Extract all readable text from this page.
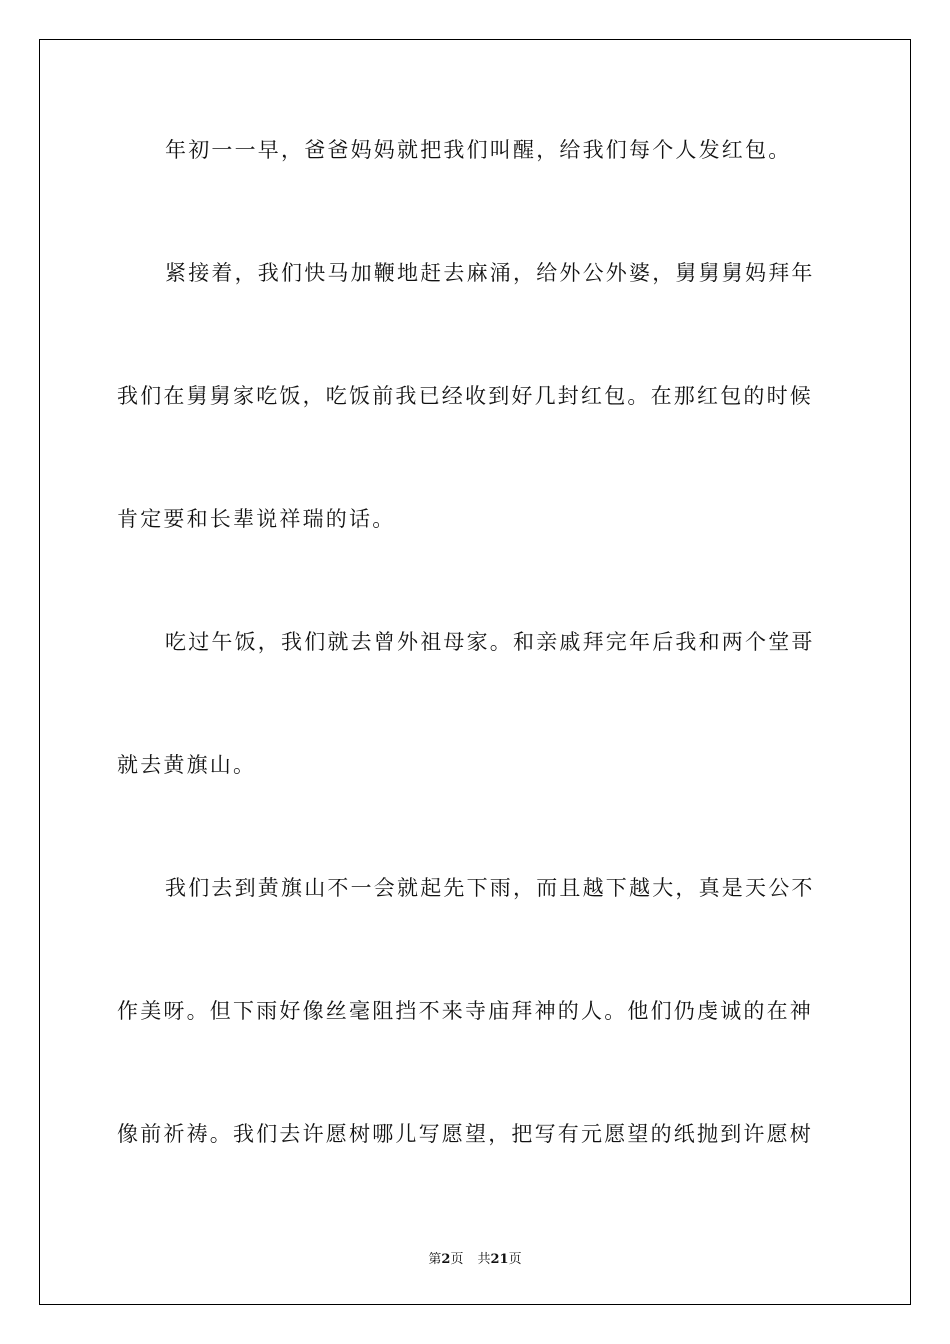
年初一一早，爸爸妈妈就把我们叫醒，给我们每个人发红包。
紧接着，我们快马加鞭地赶去麻涌，给外公外婆，舅舅舅妈拜年
我们在舅舅家吃饭，吃饭前我已经收到好几封红包。在那红包的时候
肯定要和长辈说祥瑞的话。
吃过午饭，我们就去曾外祖母家。和亲戚拜完年后我和两个堂哥
就去黄旗山。
我们去到黄旗山不一会就起先下雨，而且越下越大，真是天公不
作美呀。但下雨好像丝毫阻挡不来寺庙拜神的人。他们仍虔诚的在神
像前祈祷。我们去许愿树哪儿写愿望，把写有元愿望的纸抛到许愿树
第2页 共21页
